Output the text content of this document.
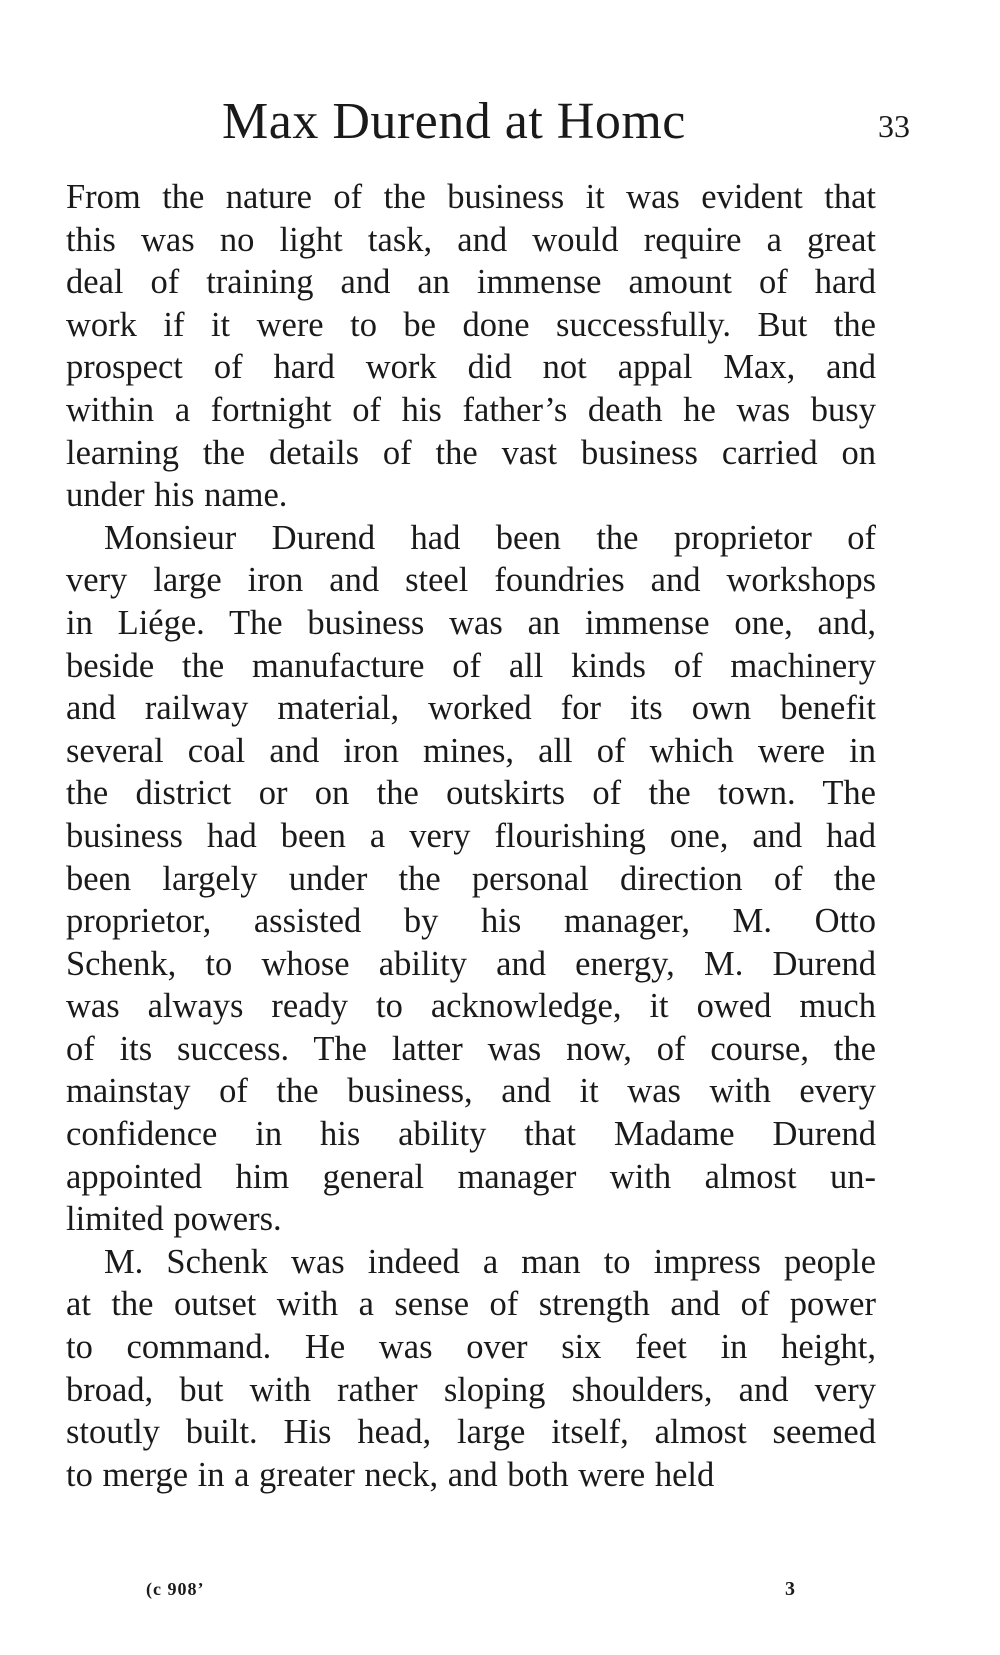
Max Durend at Homc	33
From the nature of the business it was evident that
this was no light task, and would require a great
deal of training and an immense amount of hard
work if it were to be done successfully. But the
prospect of hard work did not appal Max, and
within a fortnight of his father’s death he was busy
learning the details of the vast business carried on
under his name.
Monsieur Durend had been the proprietor of
very large iron and steel foundries and workshops
in Liége. The business was an immense one, and,
beside the manufacture of all kinds of machinery
and railway material, worked for its own benefit
several coal and iron mines, all of which were in
the district or on the outskirts of the town. The
business had been a very flourishing one, and had
been largely under the personal direction of the
proprietor, assisted by his manager, M. Otto
Schenk, to whose ability and energy, M. Durend
was always ready to acknowledge, it owed much
of its success. The latter was now, of course, the
mainstay of the business, and it was with every
confidence in his ability that Madame Durend
appointed him general manager with almost un-
limited powers.
M. Schenk was indeed a man to impress people
at the outset with a sense of strength and of power
to command. He was over six feet in height,
broad, but with rather sloping shoulders, and very
stoutly built. His head, large itself, almost seemed
to merge in a greater neck, and both were held
(c 908’	3
